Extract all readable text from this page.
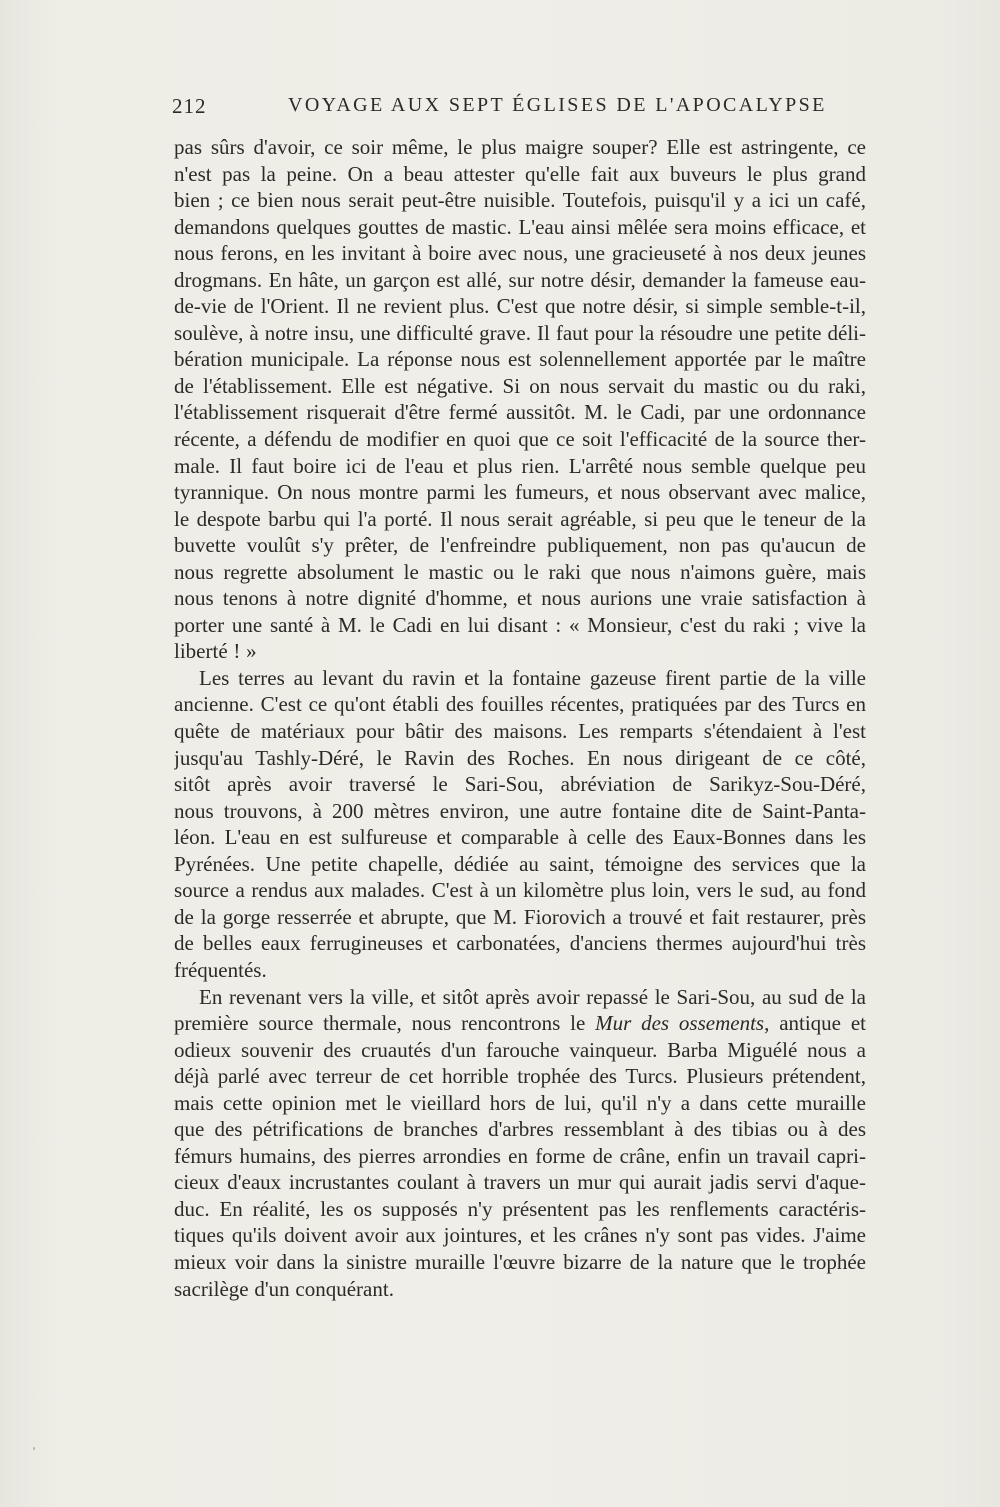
212	VOYAGE AUX SEPT ÉGLISES DE L'APOCALYPSE

pas sûrs d'avoir, ce soir même, le plus maigre souper? Elle est astringente, ce
n'est pas la peine. On a beau attester qu'elle fait aux buveurs le plus grand
bien ; ce bien nous serait peut-être nuisible. Toutefois, puisqu'il y a ici un café,
demandons quelques gouttes de mastic. L'eau ainsi mêlée sera moins efficace, et
nous ferons, en les invitant à boire avec nous, une gracieuseté à nos deux jeunes
drogmans. En hâte, un garçon est allé, sur notre désir, demander la fameuse eau-
de-vie de l'Orient. Il ne revient plus. C'est que notre désir, si simple semble-t-il,
soulève, à notre insu, une difficulté grave. Il faut pour la résoudre une petite déli-
bération municipale. La réponse nous est solennellement apportée par le maître
de l'établissement. Elle est négative. Si on nous servait du mastic ou du raki,
l'établissement risquerait d'être fermé aussitôt. M. le Cadi, par une ordonnance
récente, a défendu de modifier en quoi que ce soit l'efficacité de la source ther-
male. Il faut boire ici de l'eau et plus rien. L'arrêté nous semble quelque peu
tyrannique. On nous montre parmi les fumeurs, et nous observant avec malice,
le despote barbu qui l'a porté. Il nous serait agréable, si peu que le teneur de la
buvette voulût s'y prêter, de l'enfreindre publiquement, non pas qu'aucun de
nous regrette absolument le mastic ou le raki que nous n'aimons guère, mais
nous tenons à notre dignité d'homme, et nous aurions une vraie satisfaction à
porter une santé à M. le Cadi en lui disant : « Monsieur, c'est du raki ; vive la
liberté ! »

Les terres au levant du ravin et la fontaine gazeuse firent partie de la ville
ancienne. C'est ce qu'ont établi des fouilles récentes, pratiquées par des Turcs en
quête de matériaux pour bâtir des maisons. Les remparts s'étendaient à l'est
jusqu'au Tashly-Déré, le Ravin des Roches. En nous dirigeant de ce côté,
sitôt après avoir traversé le Sari-Sou, abréviation de Sarikyz-Sou-Déré,
nous trouvons, à 200 mètres environ, une autre fontaine dite de Saint-Panta-
léon. L'eau en est sulfureuse et comparable à celle des Eaux-Bonnes dans les
Pyrénées. Une petite chapelle, dédiée au saint, témoigne des services que la
source a rendus aux malades. C'est à un kilomètre plus loin, vers le sud, au fond
de la gorge resserrée et abrupte, que M. Fiorovich a trouvé et fait restaurer, près
de belles eaux ferrugineuses et carbonatées, d'anciens thermes aujourd'hui très
fréquentés.

En revenant vers la ville, et sitôt après avoir repassé le Sari-Sou, au sud de la
première source thermale, nous rencontrons le Mur des ossements, antique et
odieux souvenir des cruautés d'un farouche vainqueur. Barba Miguélé nous a
déjà parlé avec terreur de cet horrible trophée des Turcs. Plusieurs prétendent,
mais cette opinion met le vieillard hors de lui, qu'il n'y a dans cette muraille
que des pétrifications de branches d'arbres ressemblant à des tibias ou à des
fémurs humains, des pierres arrondies en forme de crâne, enfin un travail capri-
cieux d'eaux incrustantes coulant à travers un mur qui aurait jadis servi d'aque-
duc. En réalité, les os supposés n'y présentent pas les renflements caractéris-
tiques qu'ils doivent avoir aux jointures, et les crânes n'y sont pas vides. J'aime
mieux voir dans la sinistre muraille l'œuvre bizarre de la nature que le trophée
sacrilège d'un conquérant.
